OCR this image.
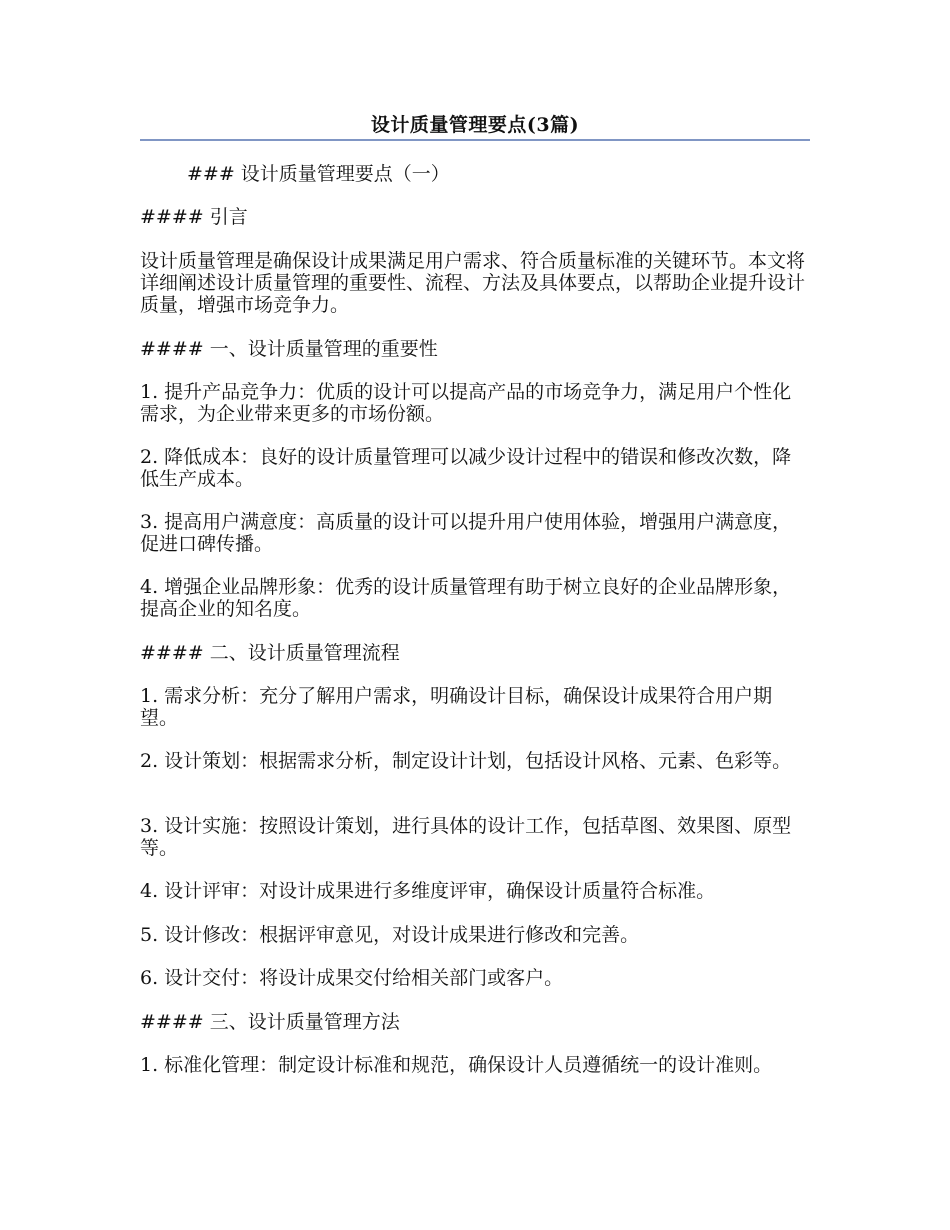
设计质量管理要点(3篇)
### 设计质量管理要点（一）
#### 引言
设计质量管理是确保设计成果满足用户需求、符合质量标准的关键环节。本文将详细阐述设计质量管理的重要性、流程、方法及具体要点，以帮助企业提升设计质量，增强市场竞争力。
#### 一、设计质量管理的重要性
1. 提升产品竞争力：优质的设计可以提高产品的市场竞争力，满足用户个性化需求，为企业带来更多的市场份额。
2. 降低成本：良好的设计质量管理可以减少设计过程中的错误和修改次数，降低生产成本。
3. 提高用户满意度：高质量的设计可以提升用户使用体验，增强用户满意度，促进口碑传播。
4. 增强企业品牌形象：优秀的设计质量管理有助于树立良好的企业品牌形象，提高企业的知名度。
#### 二、设计质量管理流程
1. 需求分析：充分了解用户需求，明确设计目标，确保设计成果符合用户期望。
2. 设计策划：根据需求分析，制定设计计划，包括设计风格、元素、色彩等。
3. 设计实施：按照设计策划，进行具体的设计工作，包括草图、效果图、原型等。
4. 设计评审：对设计成果进行多维度评审，确保设计质量符合标准。
5. 设计修改：根据评审意见，对设计成果进行修改和完善。
6. 设计交付：将设计成果交付给相关部门或客户。
#### 三、设计质量管理方法
1. 标准化管理：制定设计标准和规范，确保设计人员遵循统一的设计准则。
